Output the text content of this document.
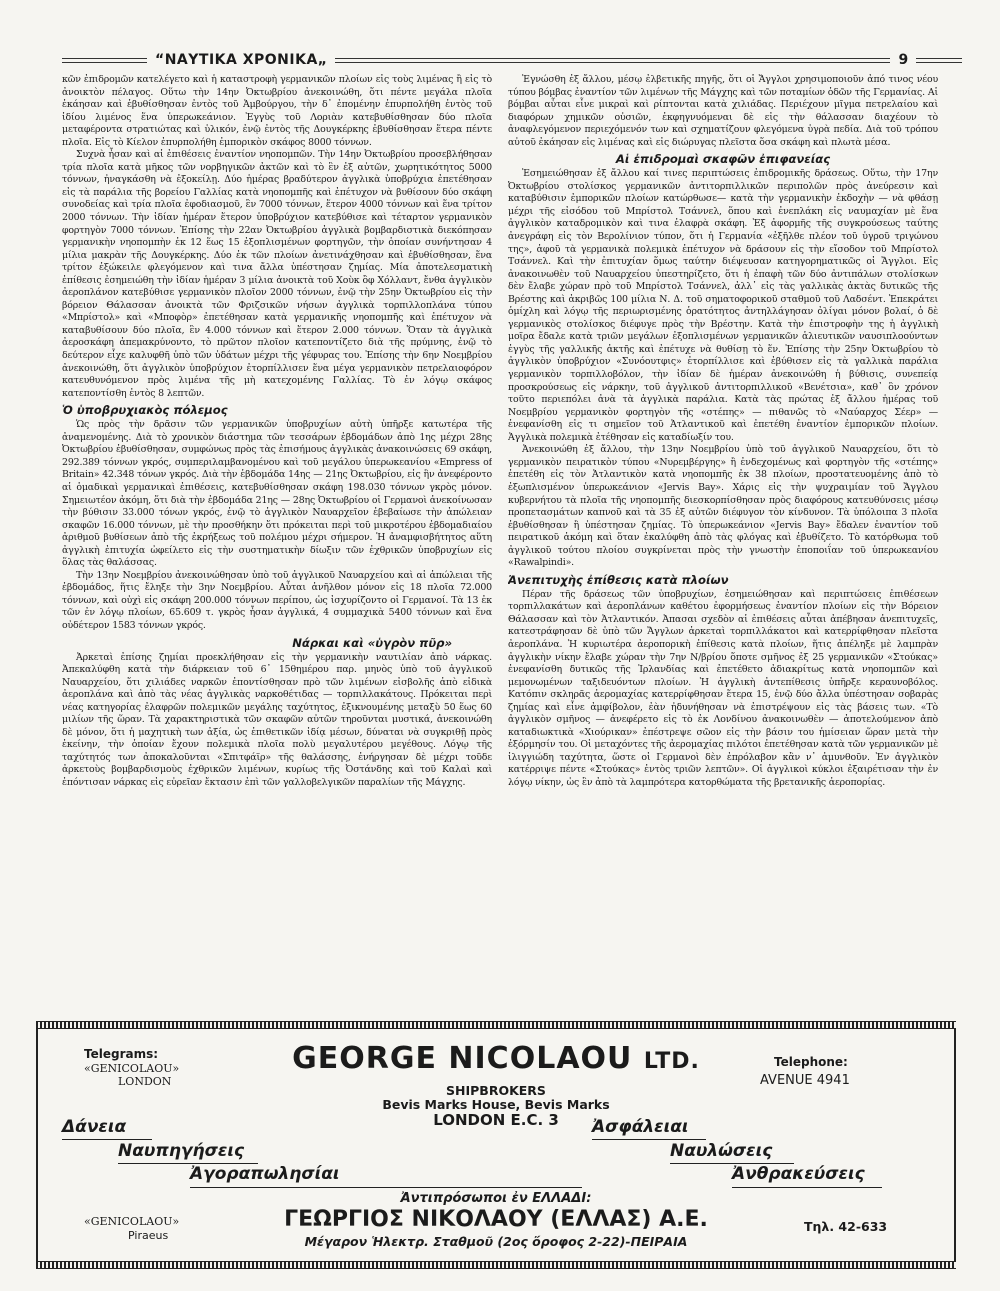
“ΝΑΥΤΙΚΑ ΧΡΟΝΙΚΑ„	9

κῶν ἐπιδρομῶν κατελέγετο καὶ ἡ καταστροφὴ γερμανικῶν πλοίων εἰς τοὺς λιμένας ἢ εἰς τὸ ἀνοικτὸν πέλαγος. Οὕτω τὴν 14ην Ὀκτωβρίου ἀνεκοινώθη, ὅτι πέντε μεγάλα πλοῖα ἐκάησαν καὶ ἐβυθίσθησαν ἐντὸς τοῦ Ἀμβούργου, τὴν δ᾽ ἐπομένην ἐπυρπολήθη ἐντὸς τοῦ ἰδίου λιμένος ἕνα ὑπερωκεάνιον. Ἐγγὺς τοῦ Λοριὰν κατεβυθίσθησαν δύο πλοῖα μεταφέροντα στρατιώτας καὶ ὑλικόν, ἐνῷ ἐντὸς τῆς Δουγκέρκης ἐβυθίσθησαν ἕτερα πέντε πλοῖα. Εἰς τὸ Κίελον ἐπυρπολήθη ἐμπορικὸν σκάφος 8000 τόννων.

Συχνὰ ἦσαν καὶ αἱ ἐπιθέσεις ἐναντίον νηοπομπῶν. Τὴν 14ην Ὀκτωβρίου προσεβλήθησαν τρία πλοῖα κατὰ μῆκος τῶν νορβηγικῶν ἀκτῶν καὶ τὸ ἓν ἐξ αὐτῶν, χωρητικότητος 5000 τόννων, ἠναγκάσθη νὰ ἐξοκείλῃ. Δύο ἡμέρας βραδύτερον ἀγγλικὰ ὑποβρύχια ἐπετέθησαν εἰς τὰ παράλια τῆς βορείου Γαλλίας κατὰ νηοπομπῆς καὶ ἐπέτυχον νὰ βυθίσουν δύο σκάφη συνοδείας καὶ τρία πλοῖα ἐφοδιασμοῦ, ἓν 7000 τόννων, ἕτερον 4000 τόννων καὶ ἕνα τρίτον 2000 τόννων. Τὴν ἰδίαν ἡμέραν ἕτερον ὑποβρύχιον κατεβύθισε καὶ τέταρτον γερμανικὸν φορτηγὸν 7000 τόννων. Ἐπίσης τὴν 22αν Ὀκτωβρίου ἀγγλικὰ βομβαρδιστικὰ διεκόπησαν γερμανικὴν νηοπομπὴν ἐκ 12 ἕως 15 ἐξοπλισμένων φορτηγῶν, τὴν ὁποίαν συνήντησαν 4 μίλια μακρὰν τῆς Δουγκέρκης. Δύο ἐκ τῶν πλοίων ἀνετινάχθησαν καὶ ἐβυθίσθησαν, ἕνα τρίτον ἐξώκειλε φλεγόμενον καὶ τινα ἄλλα ὑπέστησαν ζημίας. Μία ἀποτελεσματικὴ ἐπίθεσις ἐσημειώθη τὴν ἰδίαν ἡμέραν 3 μίλια ἀνοικτὰ τοῦ Χοὺκ ὂφ Χόλλαντ, ἔνθα ἀγγλικὸν ἀεροπλάνον κατεβύθισε γερμανικὸν πλοῖον 2000 τόννων, ἐνῷ τὴν 25ην Ὀκτωβρίου εἰς τὴν βόρειον Θάλασσαν ἀνοικτὰ τῶν Φριζσικῶν νήσων ἀγγλικὰ τορπιλλοπλάνα τύπου «Μπρίστολ» καὶ «Μποφὸρ» ἐπετέθησαν κατὰ γερμανικῆς νηοπομπῆς καὶ ἐπέτυχον νὰ καταβυθίσουν δύο πλοῖα, ἓν 4.000 τόννων καὶ ἕτερον 2.000 τόννων. Ὅταν τὰ ἀγγλικὰ ἀεροσκάφη ἀπεμακρύνοντο, τὸ πρῶτον πλοῖον κατεποντίζετο διὰ τῆς πρύμνης, ἐνῷ τὸ δεύτερον εἶχε καλυφθῆ ὑπὸ τῶν ὑδάτων μέχρι τῆς γέφυρας του. Ἐπίσης τὴν 6ην Νοεμβρίου ἀνεκοινώθη, ὅτι ἀγγλικὸν ὑποβρύχιον ἐτορπίλλισεν ἕνα μέγα γερμανικὸν πετρελαιοφόρον κατευθυνόμενον πρὸς λιμένα τῆς μὴ κατεχομένης Γαλλίας. Τὸ ἐν λόγῳ σκάφος κατεποντίσθη ἐντὸς 8 λεπτῶν.

Ὁ ὑποβρυχιακὸς πόλεμος

Ὡς πρὸς τὴν δρᾶσιν τῶν γερμανικῶν ὑποβρυχίων αὐτὴ ὑπῆρξε κατωτέρα τῆς ἀναμενομένης. Διὰ τὸ χρονικὸν διάστημα τῶν τεσσάρων ἑβδομάδων ἀπὸ 1ης μέχρι 28ης Ὀκτωβρίου ἐβυθίσθησαν, συμφώνως πρὸς τὰς ἐπισήμους ἀγγλικὰς ἀνακοινώσεις 69 σκάφη, 292.389 τόννων γκρός, συμπεριλαμβανομένου καὶ τοῦ μεγάλου ὑπερωκεανίου «Empress of Britain» 42.348 τόνων γκρός. Διὰ τὴν ἑβδομάδα 14ης — 21ης Ὀκτωβρίου, εἰς ἣν ἀνεφέροντο αἱ ὁμαδικαὶ γερμανικαὶ ἐπιθέσεις, κατεβυθίσθησαν σκάφη 198.030 τόννων γκρὸς μόνον. Σημειωτέον ἀκόμη, ὅτι διὰ τὴν ἑβδομάδα 21ης — 28ης Ὀκτωβρίου οἱ Γερμανοὶ ἀνεκοίνωσαν τὴν βύθισιν 33.000 τόνων γκρός, ἐνῷ τὸ ἀγγλικὸν Ναυαρχεῖον ἐβεβαίωσε τὴν ἀπώλειαν σκαφῶν 16.000 τόννων, μὲ τὴν προσθήκην ὅτι πρόκειται περὶ τοῦ μικροτέρου ἑβδομαδιαίου ἀριθμοῦ βυθίσεων ἀπὸ τῆς ἐκρήξεως τοῦ πολέμου μέχρι σήμερον. Ἡ ἀναμφισβήτητος αὕτη ἀγγλικὴ ἐπιτυχία ὠφείλετο εἰς τὴν συστηματικὴν δίωξιν τῶν ἐχθρικῶν ὑποβρυχίων εἰς ὅλας τὰς θαλάσσας.

Τὴν 13ην Νοεμβρίου ἀνεκοινώθησαν ὑπὸ τοῦ ἀγγλικοῦ Ναυαρχείου καὶ αἱ ἀπώλειαι τῆς ἑβδομάδος, ἥτις ἔληξε τὴν 3ην Νοεμβρίου. Αὗται ἀνῆλθον μόνον εἰς 18 πλοῖα 72.000 τόννων, καὶ οὐχὶ εἰς σκάφη 200.000 τόννων περίπου, ὡς ἰσχυρίζοντο οἱ Γερμανοί. Τὰ 13 ἐκ τῶν ἐν λόγῳ πλοίων, 65.609 τ. γκρὸς ἦσαν ἀγγλικά, 4 συμμαχικὰ 5400 τόννων καὶ ἕνα οὐδέτερον 1583 τόννων γκρός.

Νάρκαι καὶ «ὑγρὸν πῦρ»

Ἀρκεταὶ ἐπίσης ζημίαι προεκλήθησαν εἰς τὴν γερμανικὴν ναυτιλίαν ἀπὸ νάρκας. Ἀπεκαλύφθη κατὰ τὴν διάρκειαν τοῦ 6᾽ 15θημέρου παρ. μηνὸς ὑπὸ τοῦ ἀγγλικοῦ Ναυαρχείου, ὅτι χιλιάδες ναρκῶν ἐποντίσθησαν πρὸ τῶν λιμένων εἰσβολῆς ἀπὸ εἰδικὰ ἀεροπλάνα καὶ ἀπὸ τὰς νέας ἀγγλικὰς ναρκοθέτιδας — τορπιλλακάτους. Πρόκειται περὶ νέας κατηγορίας ἐλαφρῶν πολεμικῶν μεγάλης ταχύτητος, ἐξικνουμένης μεταξὺ 50 ἕως 60 μιλίων τῆς ὥραν. Τὰ χαρακτηριστικὰ τῶν σκαφῶν αὐτῶν τηροῦνται μυστικά, ἀνεκοινώθη δὲ μόνον, ὅτι ἡ μαχητικὴ των ἀξία, ὡς ἐπιθετικῶν ἰδίᾳ μέσων, δύναται νὰ συγκριθῇ πρὸς ἐκείνην, τὴν ὁποίαν ἔχουν πολεμικὰ πλοῖα πολὺ μεγαλυτέρου μεγέθους. Λόγῳ τῆς ταχύτητός των ἀποκαλοῦνται «Σπιτφάϊρ» τῆς θαλάσσης, ἐνήργησαν δὲ μέχρι τοῦδε ἀρκετοὺς βομβαρδισμοὺς ἐχθρικῶν λιμένων, κυρίως τῆς Ὀστάνδης καὶ τοῦ Καλαὶ καὶ ἐπόντισαν νάρκας εἰς εὐρεῖαν ἔκτασιν ἐπὶ τῶν γαλλοβελγικῶν παραλίων τῆς Μάγχης.

Ἐγνώσθη ἐξ ἄλλου, μέσῳ ἐλβετικῆς πηγῆς, ὅτι οἱ Ἄγγλοι χρησιμοποιοῦν ἀπό τινος νέου τύπου βόμβας ἐναντίον τῶν λιμένων τῆς Μάγχης καὶ τῶν ποταμίων ὁδῶν τῆς Γερμανίας. Αἱ βόμβαι αὗται εἶνε μικραὶ καὶ ρίπτονται κατὰ χιλιάδας. Περιέχουν μῖγμα πετρελαίου καὶ διαφόρων χημικῶν οὐσιῶν, ἐκφηγνυόμεναι δὲ εἰς τὴν θάλασσαν διαχέουν τὸ ἀναφλεγόμενον περιεχόμενόν των καὶ σχηματίζουν φλεγόμενα ὑγρὰ πεδία. Διὰ τοῦ τρόπου αὐτοῦ ἐκάησαν εἰς λιμένας καὶ εἰς διώρυγας πλεῖστα ὅσα σκάφη καὶ πλωτὰ μέσα.

Αἱ ἐπιδρομαὶ σκαφῶν ἐπιφανείας

Ἐσημειώθησαν ἐξ ἄλλου καί τινες περιπτώσεις ἐπιδρομικῆς δράσεως. Οὕτω, τὴν 17ην Ὀκτωβρίου στολίσκος γερμανικῶν ἀντιτορπιλλικῶν περιπολῶν πρὸς ἀνεύρεσιν καὶ καταβύθισιν ἐμπορικῶν πλοίων κατώρθωσε— κατὰ τὴν γερμανικὴν ἐκδοχὴν — νὰ φθάσῃ μέχρι τῆς εἰσόδου τοῦ Μπρίστολ Τσάννελ, ὅπου καὶ ἐνεπλάκη εἰς ναυμαχίαν μὲ ἕνα ἀγγλικὸν καταδρομικὸν καὶ τινα ἐλαφρὰ σκάφη. Ἐξ ἀφορμῆς τῆς συγκρούσεως ταύτης ἀνεγράφη εἰς τὸν Βερολίνιον τύπον, ὅτι ἡ Γερμανία «ἐξῆλθε πλέον τοῦ ὑγροῦ τριγώνου της», ἀφοῦ τὰ γερμανικὰ πολεμικὰ ἐπέτυχον νὰ δράσουν εἰς τὴν εἴσοδον τοῦ Μπρίστολ Τσάννελ. Καὶ τὴν ἐπιτυχίαν ὅμως ταύτην διέψευσαν κατηγορηματικῶς οἱ Ἄγγλοι. Εἰς ἀνακοινωθὲν τοῦ Ναυαρχείου ὑπεστηρίζετο, ὅτι ἡ ἐπαφὴ τῶν δύο ἀντιπάλων στολίσκων δὲν ἔλαβε χώραν πρὸ τοῦ Μπρίστολ Τσάννελ, ἀλλ᾽ εἰς τὰς γαλλικὰς ἀκτὰς δυτικῶς τῆς Βρέστης καὶ ἀκριβῶς 100 μίλια Ν. Δ. τοῦ σηματοφορικοῦ σταθμοῦ τοῦ Λαδσέντ. Ἐπεκράτει ὁμίχλη καὶ λόγῳ τῆς περιωρισμένης ὁρατότητος ἀντηλλάγησαν ὀλίγαι μόνον βολαί, ὁ δὲ γερμανικὸς στολίσκος διέφυγε πρὸς τὴν Βρέστην. Κατὰ τὴν ἐπιστροφὴν της ἡ ἀγγλικὴ μοῖρα ἔδαλε κατὰ τριῶν μεγάλων ἐξοπλισμένων γερμανικῶν ἁλιευτικῶν ναυσιπλοούντων ἐγγὺς τῆς γαλλικῆς ἀκτῆς καὶ ἐπέτυχε νὰ θυθίσῃ τὸ ἕν. Ἐπίσης τὴν 25ην Ὀκτωβρίου τὸ ἀγγλικὸν ὑποβρύχιον «Συνόουτφις» ἐτορπίλλισε καὶ ἐβύθισεν εἰς τὰ γαλλικὰ παράλια γερμανικὸν τορπιλλοβόλον, τὴν ἰδίαν δὲ ἡμέραν ἀνεκοινώθη ἡ βύθισις, συνεπείᾳ προσκρούσεως εἰς νάρκην, τοῦ ἀγγλικοῦ ἀντιτορπιλλικοῦ «Βενέτσια», καθ᾽ ὃν χρόνον τοῦτο περιεπόλει ἀνὰ τὰ ἀγγλικὰ παράλια. Κατὰ τὰς πρώτας ἐξ ἄλλου ἡμέρας τοῦ Νοεμβρίου γερμανικὸν φορτηγὸν τῆς «στέπης» — πιθανῶς τὸ «Ναύαρχος Σέερ» — ἐνεφανίσθη εἰς τι σημεῖον τοῦ Ἀτλαντικοῦ καὶ ἐπετέθη ἐναντίον ἐμπορικῶν πλοίων. Ἀγγλικὰ πολεμικὰ ἐτέθησαν εἰς καταδίωξίν του.

Ἀνεκοινώθη ἐξ ἄλλου, τὴν 13ην Νοεμβρίου ὑπὸ τοῦ ἀγγλικοῦ Ναυαρχείου, ὅτι τὸ γερμανικὸν πειρατικὸν τύπου «Νυρεμβέργης» ἢ ἐνδεχομένως καὶ φορτηγὸν τῆς «στέπης» ἐπετέθη εἰς τὸν Ἀτλαντικὸν κατὰ νηοπομπῆς ἐκ 38 πλοίων, προστατευομένης ἀπὸ τὸ ἐξωπλισμένον ὑπερωκεάνιον «Jervis Bay». Χάρις εἰς τὴν ψυχραιμίαν τοῦ Ἄγγλου κυβερνήτου τὰ πλοῖα τῆς νηοπομπῆς διεσκορπίσθησαν πρὸς διαφόρους κατευθύνσεις μέσῳ προπετασμάτων καπνοῦ καὶ τὰ 35 ἐξ αὐτῶν διέφυγον τὸν κίνδυνον. Τὰ ὑπόλοιπα 3 πλοῖα ἐβυθίσθησαν ἢ ὑπέστησαν ζημίας. Τὸ ὑπερωκεάνιον «Jervis Bay» ἔδαλεν ἐναντίον τοῦ πειρατικοῦ ἀκόμη καὶ ὅταν ἐκαλύφθη ἀπὸ τὰς φλόγας καὶ ἐβυθίζετο. Τὸ κατόρθωμα τοῦ ἀγγλικοῦ τούτου πλοίου συγκρίνεται πρὸς τὴν γνωστὴν ἐποποιΐαν τοῦ ὑπερωκεανίου «Rawalpindi».

Ἀνεπιτυχὴς ἐπίθεσις κατὰ πλοίων

Πέραν τῆς δράσεως τῶν ὑποβρυχίων, ἐσημειώθησαν καὶ περιπτώσεις ἐπιθέσεων τορπιλλακάτων καὶ ἀεροπλάνων καθέτου ἐφορμήσεως ἐναντίον πλοίων εἰς τὴν Βόρειον Θάλασσαν καὶ τὸν Ἀτλαντικόν. Ἀπασαι σχεδὸν αἱ ἐπιθέσεις αὗται ἀπέβησαν ἀνεπιτυχεῖς, κατεστράφησαν δὲ ὑπὸ τῶν Ἄγγλων ἀρκεταὶ τορπιλλάκατοι καὶ κατερρίφθησαν πλεῖστα ἀεροπλάνα. Ἡ κυριωτέρα ἀεροπορικὴ ἐπίθεσις κατὰ πλοίων, ἥτις ἀπέληξε μὲ λαμπρὰν ἀγγλικὴν νίκην ἔλαβε χώραν τὴν 7ην Ν/βρίου ὅποτε σμῆνος ἐξ 25 γερμανικῶν «Στούκας» ἐνεφανίσθη δυτικῶς τῆς Ἰρλανδίας καὶ ἐπετέθετο ἀδιακρίτως κατὰ νηοπομπῶν καὶ μεμονωμένων ταξιδευόντων πλοίων. Ἡ ἀγγλικὴ ἀντεπίθεσις ὑπῆρξε κεραυνοβόλος. Κατόπιν σκληρᾶς ἀερομαχίας κατερρίφθησαν ἕτερα 15, ἐνῷ δύο ἄλλα ὑπέστησαν σοβαρὰς ζημίας καὶ εἶνε ἀμφίβολον, ἐὰν ἠδυνήθησαν νὰ ἐπιστρέψουν εἰς τὰς βάσεις των. «Τὸ ἀγγλικὸν σμῆνος — ἀνεφέρετο εἰς τὸ ἐκ Λονδίνου ἀνακοινωθὲν — ἀποτελούμενον ἀπὸ καταδιωκτικὰ «Χιούρικαν» ἐπέστρεψε σῶον εἰς τὴν βάσιν του ἡμίσειαν ὥραν μετὰ τὴν ἐξόρμησίν του. Οἱ μεταχόντες τῆς ἀερομαχίας πιλότοι ἐπετέθησαν κατὰ τῶν γερμανικῶν μὲ ἰλιγγιώδη ταχύτητα, ὥστε οἱ Γερμανοὶ δὲν ἐπρόλαβον κἂν ν᾽ ἀμυνθοῦν. Ἐν ἀγγλικὸν κατέρριψε πέντε «Στούκας» ἐντὸς τριῶν λεπτῶν». Οἱ ἀγγλικοὶ κύκλοι ἐξαιρέτισαν τὴν ἐν λόγῳ νίκην, ὡς ἓν ἀπὸ τὰ λαμπρότερα κατορθώματα τῆς βρετανικῆς ἀεροπορίας.

Telegrams:
«GENICOLAOU»
LONDON
GEORGE NICOLAOU LTD.
SHIPBROKERS
Bevis Marks House, Bevis Marks
LONDON E.C. 3
Telephone:
AVENUE 4941
Δάνεια
Ναυπηγήσεις
Ἀγοραπωλησίαι
Ἀσφάλειαι
Ναυλώσεις
Ἀνθρακεύσεις
Ἀντιπρόσωποι ἐν ΕΛΛΑΔΙ:
«GENICOLAOU»
Piraeus
ΓΕΩΡΓΙΟΣ ΝΙΚΟΛΑΟΥ (ΕΛΛΑΣ) Α.Ε.	Τηλ. 42-633
Μέγαρον Ἡλεκτρ. Σταθμοῦ (2ος ὄροφος 2-22)-ΠΕΙΡΑΙΑ
